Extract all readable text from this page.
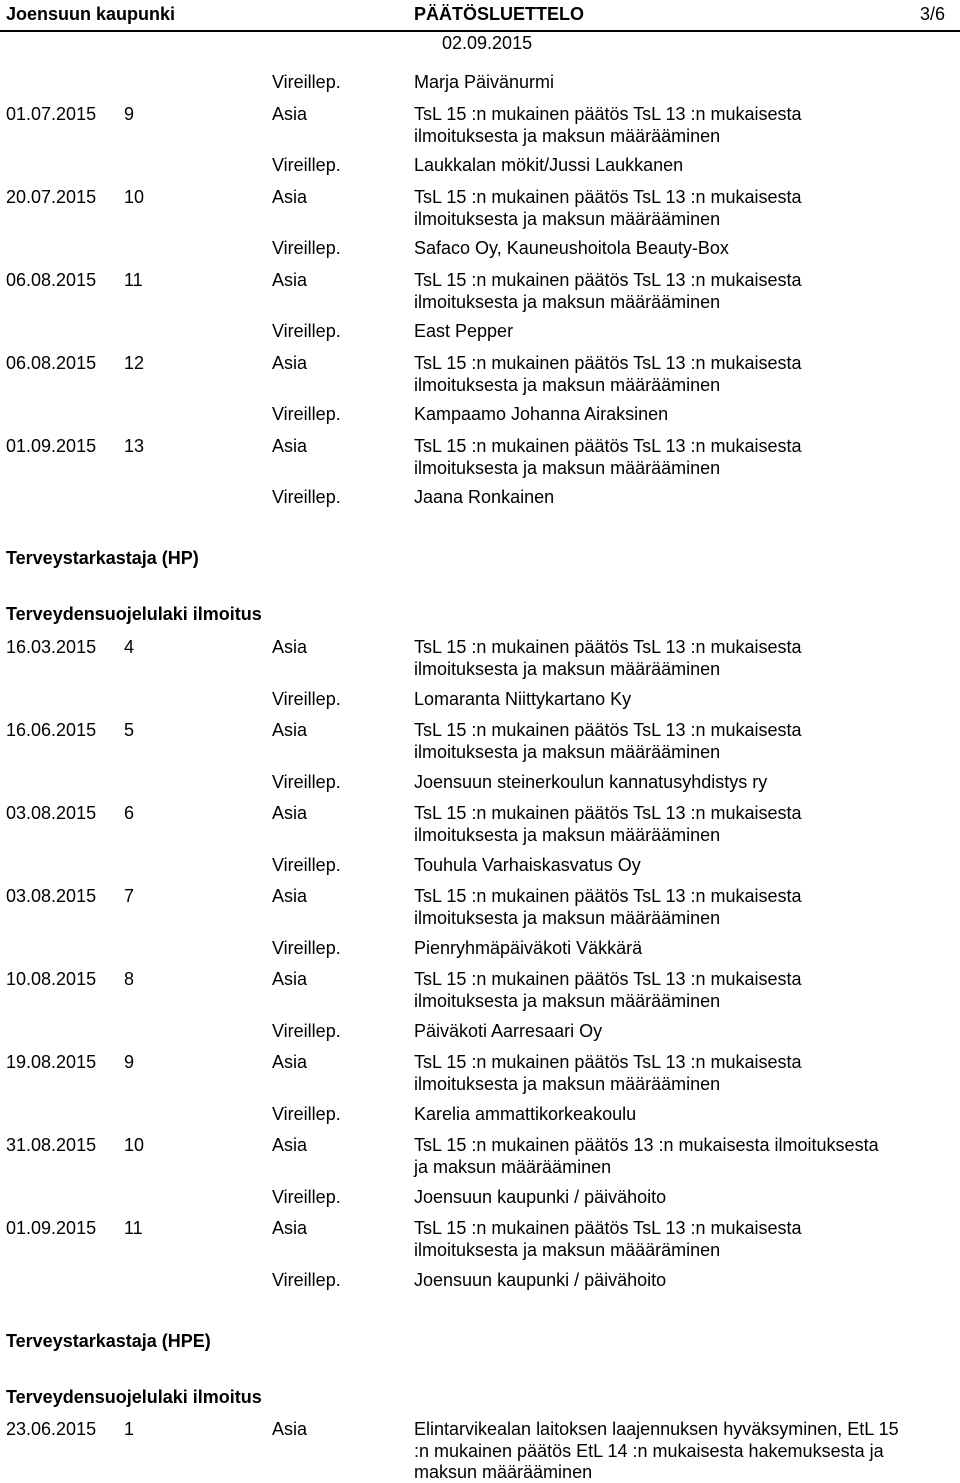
Joensuun kaupunki	PÄÄTÖSLUETTELO	3/6
02.09.2015
Vireillep.	Marja Päivänurmi
01.07.2015 9	Asia	TsL 15 :n mukainen päätös TsL 13 :n mukaisesta
ilmoituksesta ja maksun määrääminen
Vireillep.	Laukkalan mökit/Jussi Laukkanen
20.07.2015 10	Asia	TsL 15 :n mukainen päätös TsL 13 :n mukaisesta
ilmoituksesta ja maksun määrääminen
Vireillep.	Safaco Oy, Kauneushoitola Beauty-Box
06.08.2015 11	Asia	TsL 15 :n mukainen päätös TsL 13 :n mukaisesta
ilmoituksesta ja maksun määrääminen
Vireillep.	East Pepper
06.08.2015 12	Asia	TsL 15 :n mukainen päätös TsL 13 :n mukaisesta
ilmoituksesta ja maksun määrääminen
Vireillep.	Kampaamo Johanna Airaksinen
01.09.2015 13	Asia	TsL 15 :n mukainen päätös TsL 13 :n mukaisesta
ilmoituksesta ja maksun määrääminen
Vireillep.	Jaana Ronkainen
Terveystarkastaja (HP)
Terveydensuojelulaki ilmoitus
16.03.2015 4	Asia	TsL 15 :n mukainen päätös TsL 13 :n mukaisesta
ilmoituksesta ja maksun määrääminen
Vireillep.	Lomaranta Niittykartano Ky
16.06.2015 5	Asia	TsL 15 :n mukainen päätös TsL 13 :n mukaisesta
ilmoituksesta ja maksun määrääminen
Vireillep.	Joensuun steinerkoulun kannatusyhdistys ry
03.08.2015 6	Asia	TsL 15 :n mukainen päätös TsL 13 :n mukaisesta
ilmoituksesta ja maksun määrääminen
Vireillep.	Touhula Varhaiskasvatus Oy
03.08.2015 7	Asia	TsL 15 :n mukainen päätös TsL 13 :n mukaisesta
ilmoituksesta ja maksun määrääminen
Vireillep.	Pienryhmäpäiväkoti Väkkärä
10.08.2015 8	Asia	TsL 15 :n mukainen päätös TsL 13 :n mukaisesta
ilmoituksesta ja maksun määrääminen
Vireillep.	Päiväkoti Aarresaari Oy
19.08.2015 9	Asia	TsL 15 :n mukainen päätös TsL 13 :n mukaisesta
ilmoituksesta ja maksun määrääminen
Vireillep.	Karelia ammattikorkeakoulu
31.08.2015 10	Asia	TsL 15 :n mukainen päätös 13 :n mukaisesta ilmoituksesta
ja maksun määrääminen
Vireillep.	Joensuun kaupunki / päivähoito
01.09.2015 11	Asia	TsL 15 :n mukainen päätös TsL 13 :n mukaisesta
ilmoituksesta ja maksun määäräminen
Vireillep.	Joensuun kaupunki / päivähoito
Terveystarkastaja (HPE)
Terveydensuojelulaki ilmoitus
23.06.2015 1	Asia	Elintarvikealan laitoksen laajennuksen hyväksyminen, EtL 15
:n mukainen päätös EtL 14 :n mukaisesta hakemuksesta ja
maksun määrääminen
